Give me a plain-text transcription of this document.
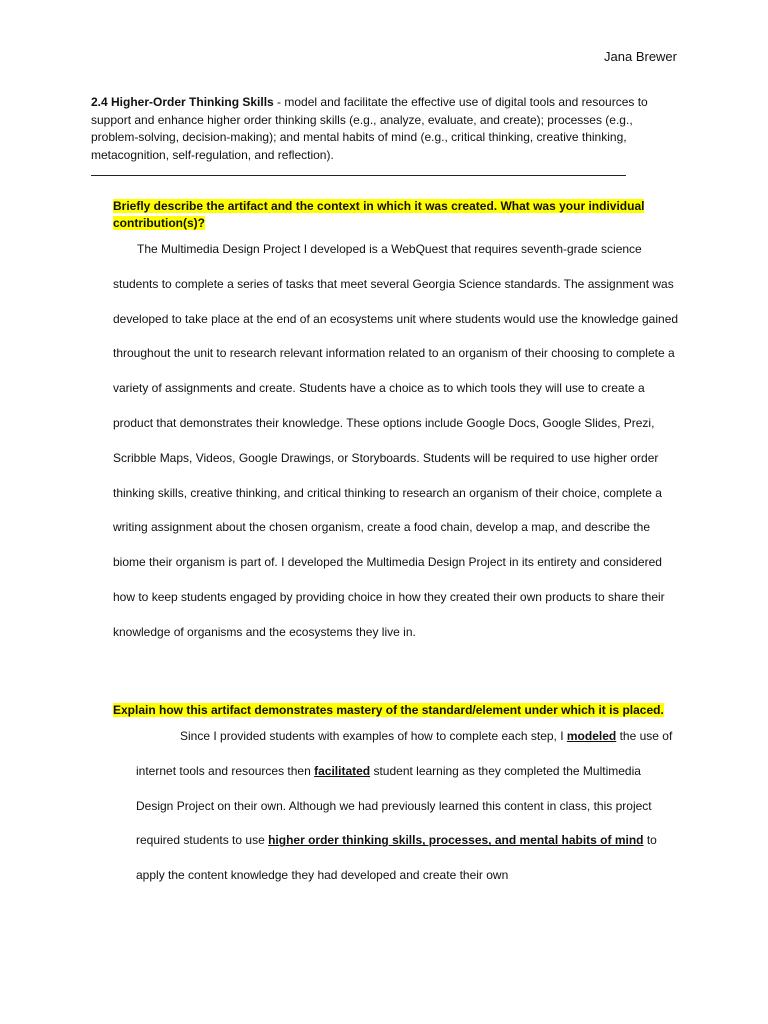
Jana Brewer
2.4 Higher-Order Thinking Skills - model and facilitate the effective use of digital tools and resources to support and enhance higher order thinking skills (e.g., analyze, evaluate, and create); processes (e.g., problem-solving, decision-making); and mental habits of mind (e.g., critical thinking, creative thinking, metacognition, self-regulation, and reflection).
Briefly describe the artifact and the context in which it was created. What was your individual contribution(s)?

The Multimedia Design Project I developed is a WebQuest that requires seventh-grade science students to complete a series of tasks that meet several Georgia Science standards. The assignment was developed to take place at the end of an ecosystems unit where students would use the knowledge gained throughout the unit to research relevant information related to an organism of their choosing to complete a variety of assignments and create. Students have a choice as to which tools they will use to create a product that demonstrates their knowledge. These options include Google Docs, Google Slides, Prezi, Scribble Maps, Videos, Google Drawings, or Storyboards. Students will be required to use higher order thinking skills, creative thinking, and critical thinking to research an organism of their choice, complete a writing assignment about the chosen organism, create a food chain, develop a map, and describe the biome their organism is part of. I developed the Multimedia Design Project in its entirety and considered how to keep students engaged by providing choice in how they created their own products to share their knowledge of organisms and the ecosystems they live in.

Explain how this artifact demonstrates mastery of the standard/element under which it is placed.

Since I provided students with examples of how to complete each step, I modeled the use of internet tools and resources then facilitated student learning as they completed the Multimedia Design Project on their own. Although we had previously learned this content in class, this project required students to use higher order thinking skills, processes, and mental habits of mind to apply the content knowledge they had developed and create their own
